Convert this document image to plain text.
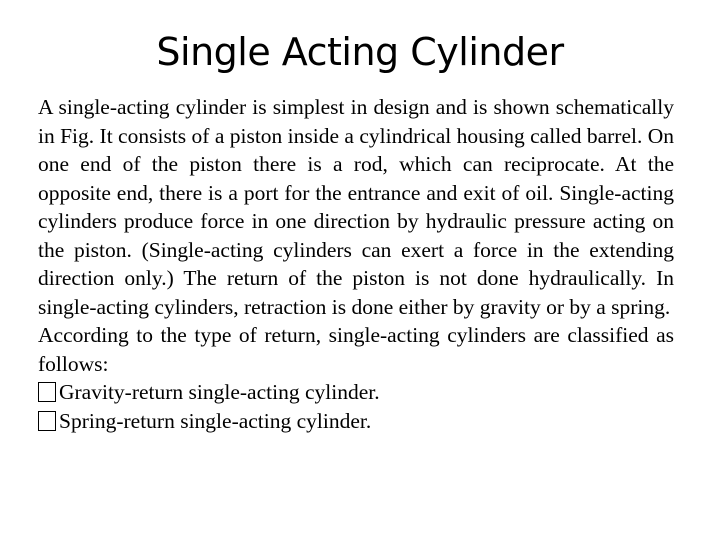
Single Acting Cylinder

A single-acting cylinder is simplest in design and is shown schematically in Fig. It consists of a piston inside a cylindrical housing called barrel. On one end of the piston there is a rod, which can reciprocate. At the opposite end, there is a port for the entrance and exit of oil. Single-acting cylinders produce force in one direction by hydraulic pressure acting on the piston. (Single-acting cylinders can exert a force in the extending direction only.) The return of the piston is not done hydraulically. In single-acting cylinders, retraction is done either by gravity or by a spring.

According to the type of return, single-acting cylinders are classified as follows:

Gravity-return single-acting cylinder.
Spring-return single-acting cylinder.
